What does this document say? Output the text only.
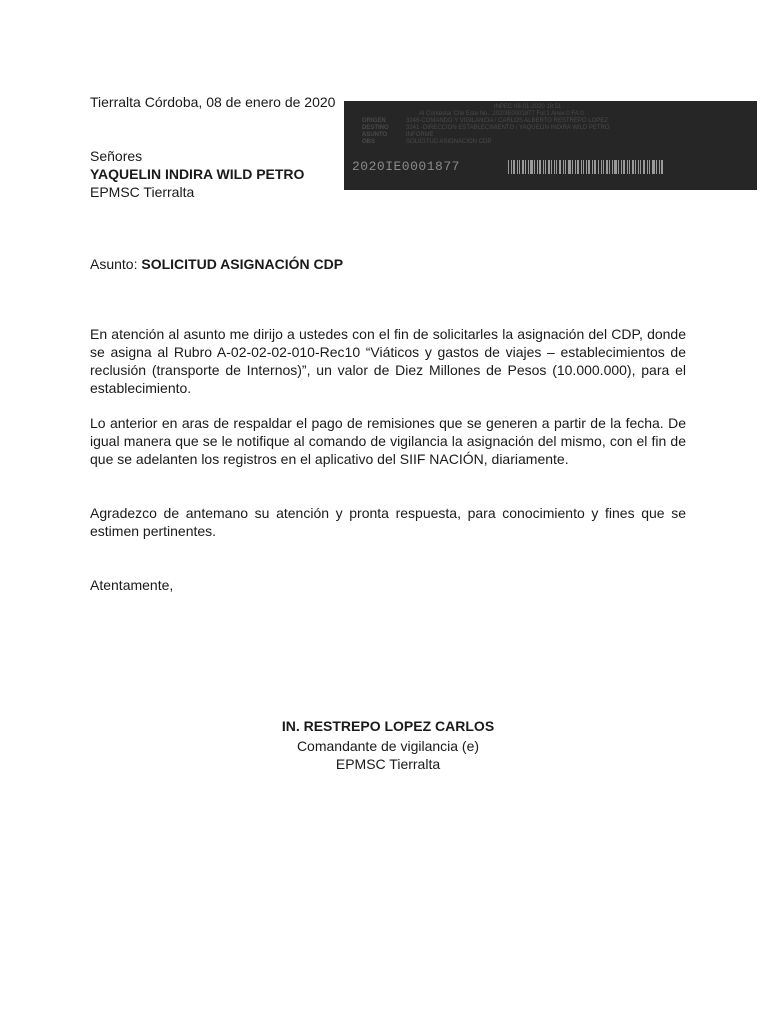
INPEC 08-01-2020 18:51
Al Contestar Cite Este No.: 2020IE0001877 Fol:1 Anex:0 FA:0
ORIGEN	3246-COMANDO Y VIGILANCIA / CARLOS ALBERTO RESTREPO LOPEZ
DESTINO	3241 -DIRECCION ESTABLECIMIENTO / YAQUELIN INDIRA WILD PETRO
ASUNTO	INFORME
OBS	SOLICITUD ASIGNACION CDP
2020IE0001877
Tierralta Córdoba, 08 de enero de 2020
Señores
YAQUELIN INDIRA WILD PETRO
EPMSC Tierralta
Asunto: SOLICITUD ASIGNACIÓN CDP
En atención al asunto me dirijo a ustedes con el fin de solicitarles la asignación del CDP, donde se asigna al Rubro A-02-02-02-010-Rec10 “Viáticos y gastos de viajes – establecimientos de reclusión (transporte de Internos)”, un valor de Diez Millones de Pesos (10.000.000), para el establecimiento.
Lo anterior en aras de respaldar el pago de remisiones que se generen a partir de la fecha. De igual manera que se le notifique al comando de vigilancia la asignación del mismo, con el fin de que se adelanten los registros en el aplicativo del SIIF NACIÓN, diariamente.
Agradezco de antemano su atención y pronta respuesta, para conocimiento y fines que se estimen pertinentes.
Atentamente,
IN. RESTREPO LOPEZ CARLOS
Comandante de vigilancia (e)
EPMSC Tierralta
